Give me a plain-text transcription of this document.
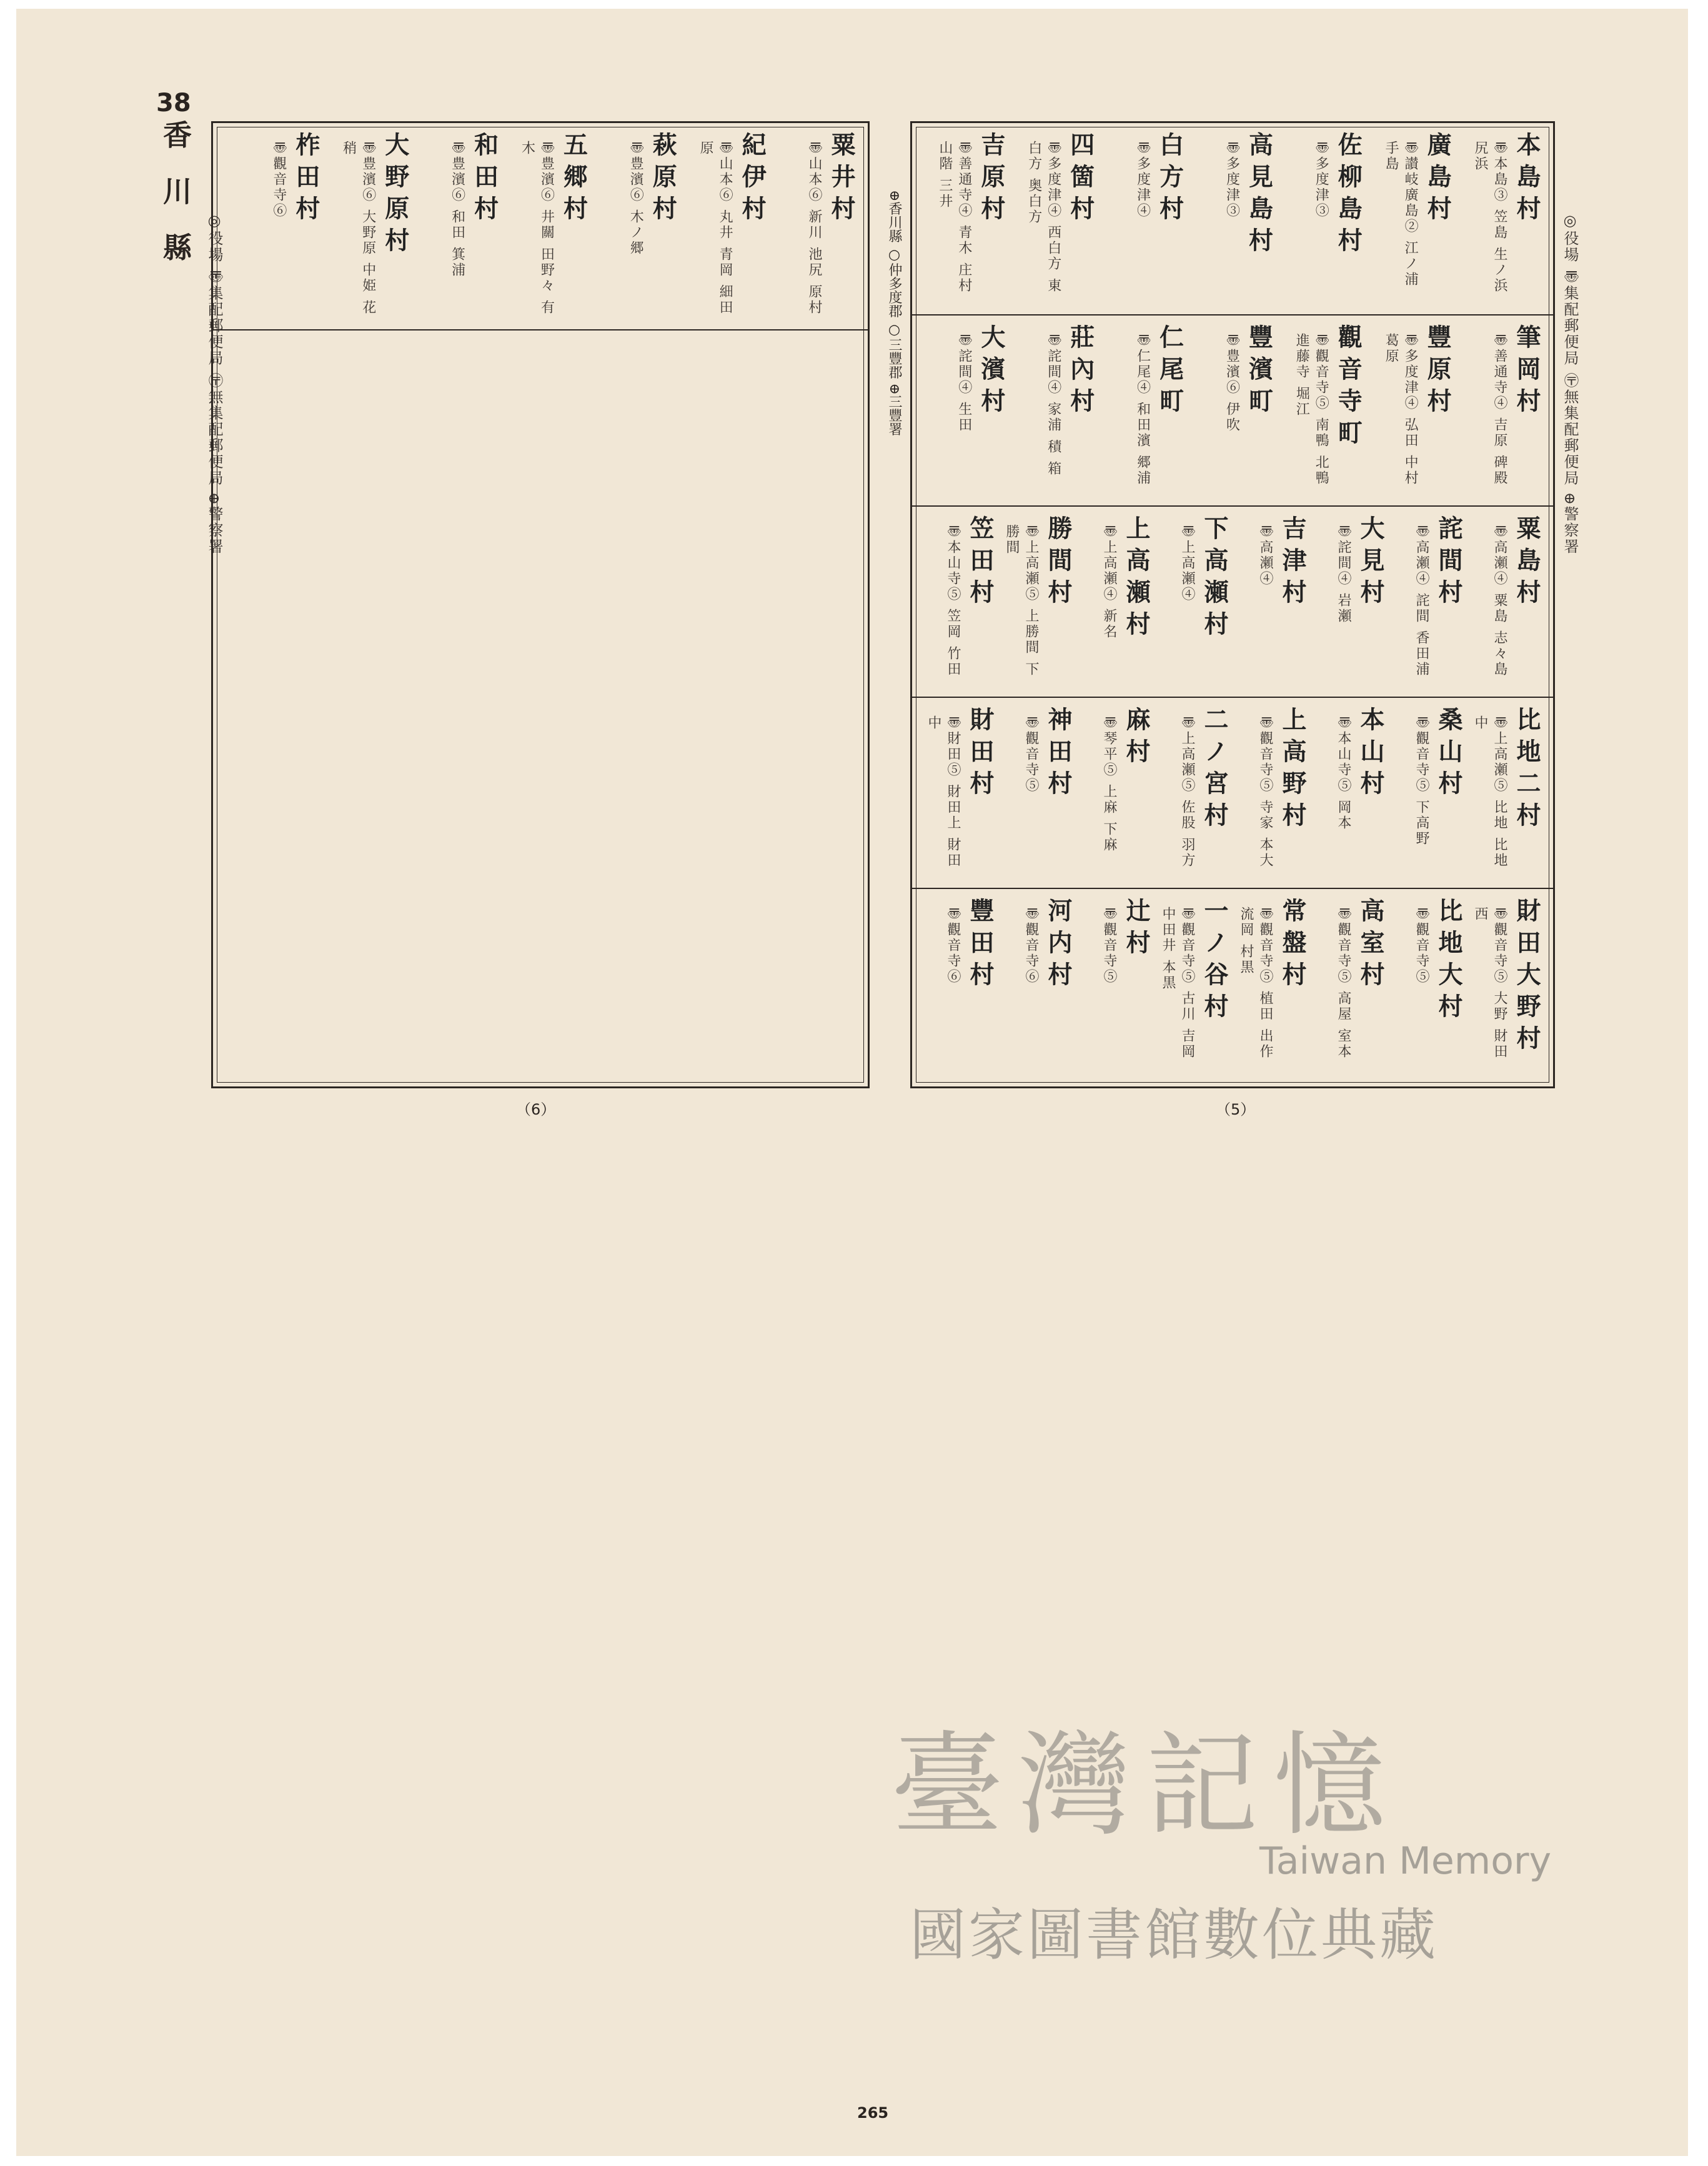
38
香川縣
◎役場 〠集配郵便局 〶無集配郵便局 ⊕警察署	◎役場 〠集配郵便局 〶無集配郵便局 ⊕警察署
粟井村
〠山本⑥ 新川 池尻 原村
紀伊村
〠山本⑥ 丸井 青岡 細田原
萩原村
〠豊濱⑥ 木ノ郷
五郷村
〠豊濱⑥ 井關 田野々 有木
和田村
〠豊濱⑥ 和田 箕浦
大野原村
〠豊濱⑥ 大野原 中姫 花稍
柞田村
〠觀音寺⑥
⊕香川縣 ○仲多度郡 ○三豐郡 ⊕三豐署
本島村
〠本島③ 笠島 生ノ浜 尻浜
廣島村
〠讃岐廣島② 江ノ浦 手島
佐柳島村
〠多度津③
高見島村
〠多度津③
白方村
〠多度津④
四箇村
〠多度津④ 西白方 東白方 奥白方
吉原村
〠善通寺④ 青木 庄村 山階 三井
筆岡村
〠善通寺④ 吉原 碑殿
豐原村
〠多度津④ 弘田 中村 葛原
觀音寺町
〠觀音寺⑤ 南鴨 北鴨 進藤寺 堀江
豐濱町
〠豊濱⑥ 伊吹
仁尾町
〠仁尾④ 和田濱 郷浦
莊內村
〠詫間④ 家浦 積 箱
大濱村
〠詫間④ 生田
粟島村
〠高瀬④ 粟島 志々島
詫間村
〠高瀬④ 詫間 香田浦
大見村
〠詫間④ 岩瀬
吉津村
〠高瀬④
下高瀬村
〠上高瀬④
上高瀬村
〠上高瀬④ 新名
勝間村
〠上高瀬⑤ 上勝間 下勝間
笠田村
〠本山寺⑤ 笠岡 竹田
比地二村
〠上高瀬⑤ 比地 比地中
桑山村
〠觀音寺⑤ 下高野
本山村
〠本山寺⑤ 岡本
上高野村
〠觀音寺⑤ 寺家 本大
二ノ宮村
〠上高瀬⑤ 佐股 羽方
麻村
〠琴平⑤ 上麻 下麻
神田村
〠觀音寺⑤
財田村
〠財田⑤ 財田上 財田中
財田大野村
〠觀音寺⑤ 大野 財田西
比地大村
〠觀音寺⑤
高室村
〠觀音寺⑤ 高屋 室本
常盤村
〠觀音寺⑤ 植田 出作 流岡 村黒
一ノ谷村
〠觀音寺⑤ 古川 吉岡 中田井 本黒
辻村
〠觀音寺⑤
河内村
〠觀音寺⑥
豐田村
〠觀音寺⑥
（6）	（5）
265
臺灣記憶
Taiwan Memory
國家圖書館數位典藏
